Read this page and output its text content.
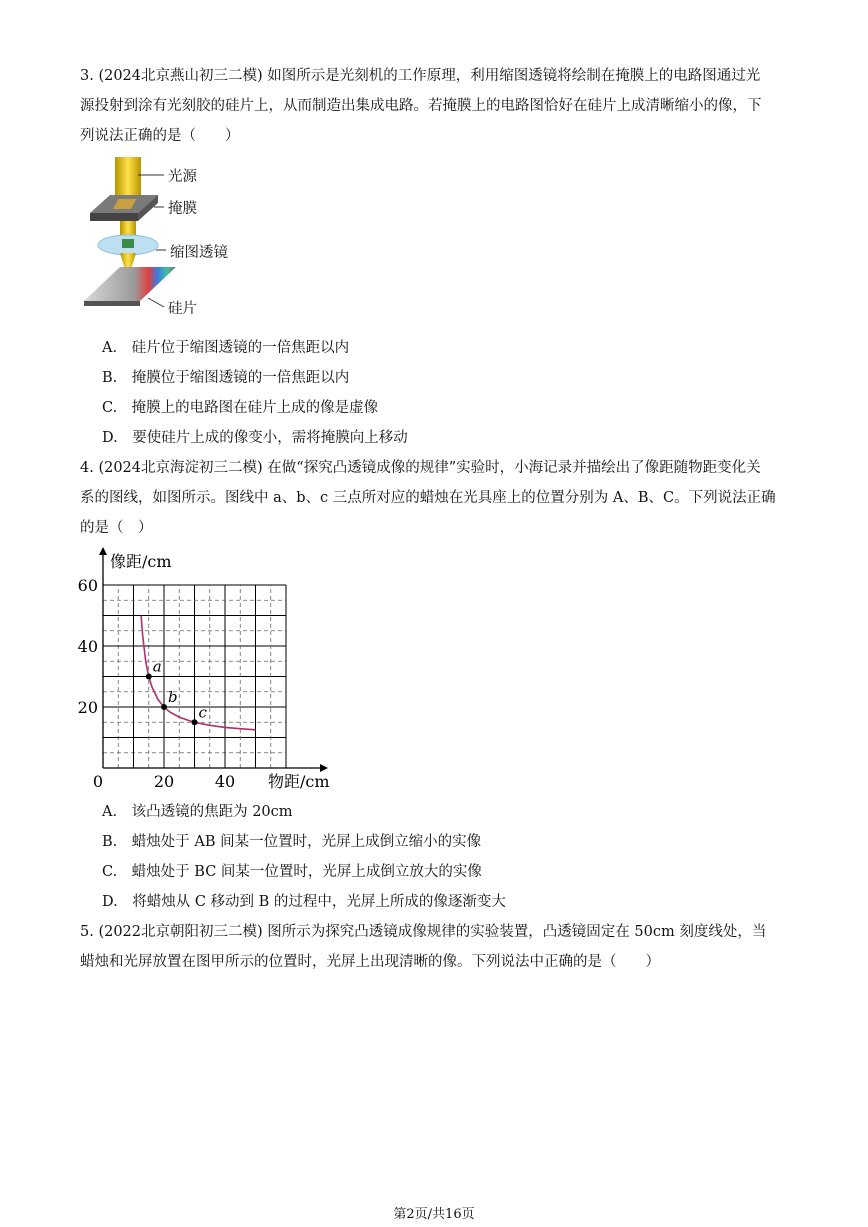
3. (2024北京燕山初三二模) 如图所示是光刻机的工作原理，利用缩图透镜将绘制在掩膜上的电路图通过光

源投射到涂有光刻胶的硅片上，从而制造出集成电路。若掩膜上的电路图恰好在硅片上成清晰缩小的像，下

列说法正确的是（　　）

光源
掩膜
缩图透镜
硅片

A.　硅片位于缩图透镜的一倍焦距以内

B.　掩膜位于缩图透镜的一倍焦距以内

C.　掩膜上的电路图在硅片上成的像是虚像

D.　要使硅片上成的像变小，需将掩膜向上移动

4. (2024北京海淀初三二模) 在做“探究凸透镜成像的规律”实验时，小海记录并描绘出了像距随物距变化关

系的图线，如图所示。图线中 a、b、c 三点所对应的蜡烛在光具座上的位置分别为 A、B、C。下列说法正确

的是（　）

像距/cm
物距/cm
0	20	40
20
40
60
a
b
c

A.　该凸透镜的焦距为 20cm

B.　蜡烛处于 AB 间某一位置时，光屏上成倒立缩小的实像

C.　蜡烛处于 BC 间某一位置时，光屏上成倒立放大的实像

D.　将蜡烛从 C 移动到 B 的过程中，光屏上所成的像逐渐变大

5. (2022北京朝阳初三二模) 图所示为探究凸透镜成像规律的实验装置，凸透镜固定在 50cm 刻度线处，当

蜡烛和光屏放置在图甲所示的位置时，光屏上出现清晰的像。下列说法中正确的是（　　）

第2页/共16页
